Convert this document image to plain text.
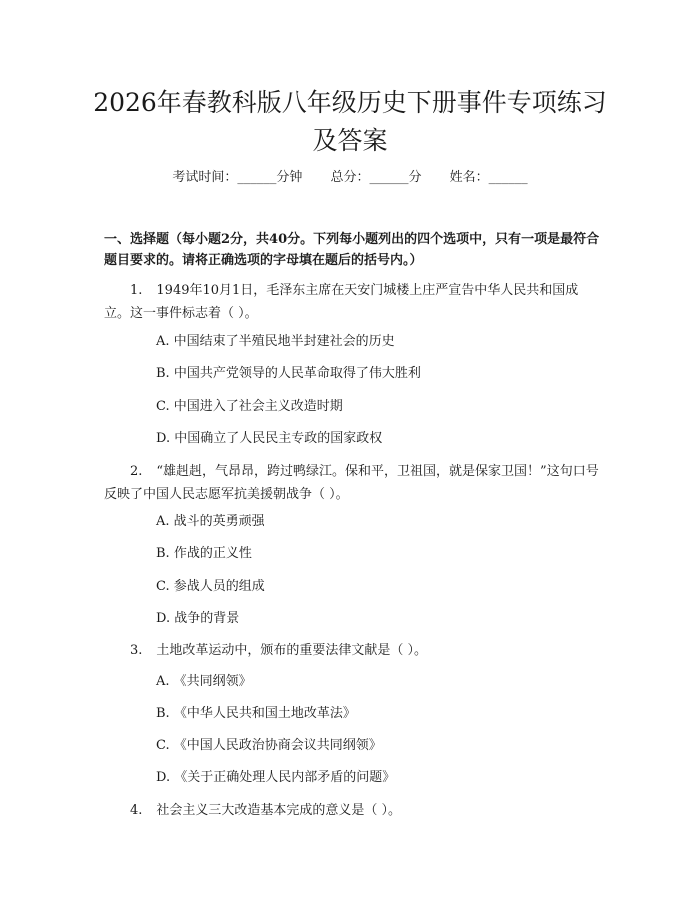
2026年春教科版八年级历史下册事件专项练习及答案
考试时间：______分钟 总分：______分 姓名：______
一、选择题（每小题2分，共40分。下列每小题列出的四个选项中，只有一项是最符合题目要求的。请将正确选项的字母填在题后的括号内。）
1. 1949年10月1日，毛泽东主席在天安门城楼上庄严宣告中华人民共和国成立。这一事件标志着（ ）。
A. 中国结束了半殖民地半封建社会的历史
B. 中国共产党领导的人民革命取得了伟大胜利
C. 中国进入了社会主义改造时期
D. 中国确立了人民民主专政的国家政权
2. “雄赳赳，气昂昂，跨过鸭绿江。保和平，卫祖国，就是保家卫国！”这句口号反映了中国人民志愿军抗美援朝战争（ ）。
A. 战斗的英勇顽强
B. 作战的正义性
C. 参战人员的组成
D. 战争的背景
3. 土地改革运动中，颁布的重要法律文献是（ ）。
A. 《共同纲领》
B. 《中华人民共和国土地改革法》
C. 《中国人民政治协商会议共同纲领》
D. 《关于正确处理人民内部矛盾的问题》
4. 社会主义三大改造基本完成的意义是（ ）。
